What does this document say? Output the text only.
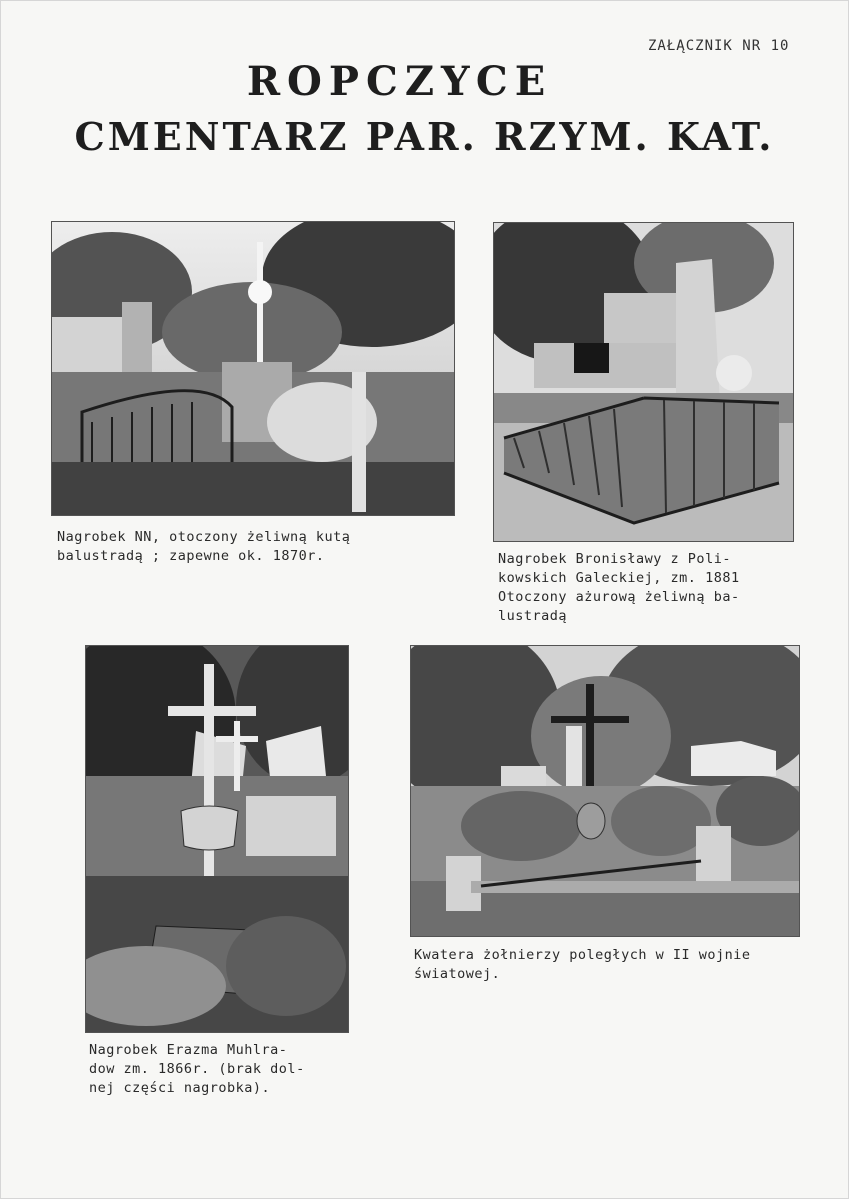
ZAŁĄCZNIK NR 10
ROPCZYCE
CMENTARZ PAR. RZYM. KAT.
Nagrobek NN, otoczony żeliwną kutą
balustradą ; zapewne ok. 1870r.	Nagrobek Bronisławy z Poli-
kowskich Galeckiej, zm. 1881
Otoczony ażurową żeliwną ba-
lustradą
Nagrobek Erazma Muhlra-
dow zm. 1866r. (brak dol-
nej części nagrobka).
Kwatera żołnierzy poległych w II wojnie
światowej.
